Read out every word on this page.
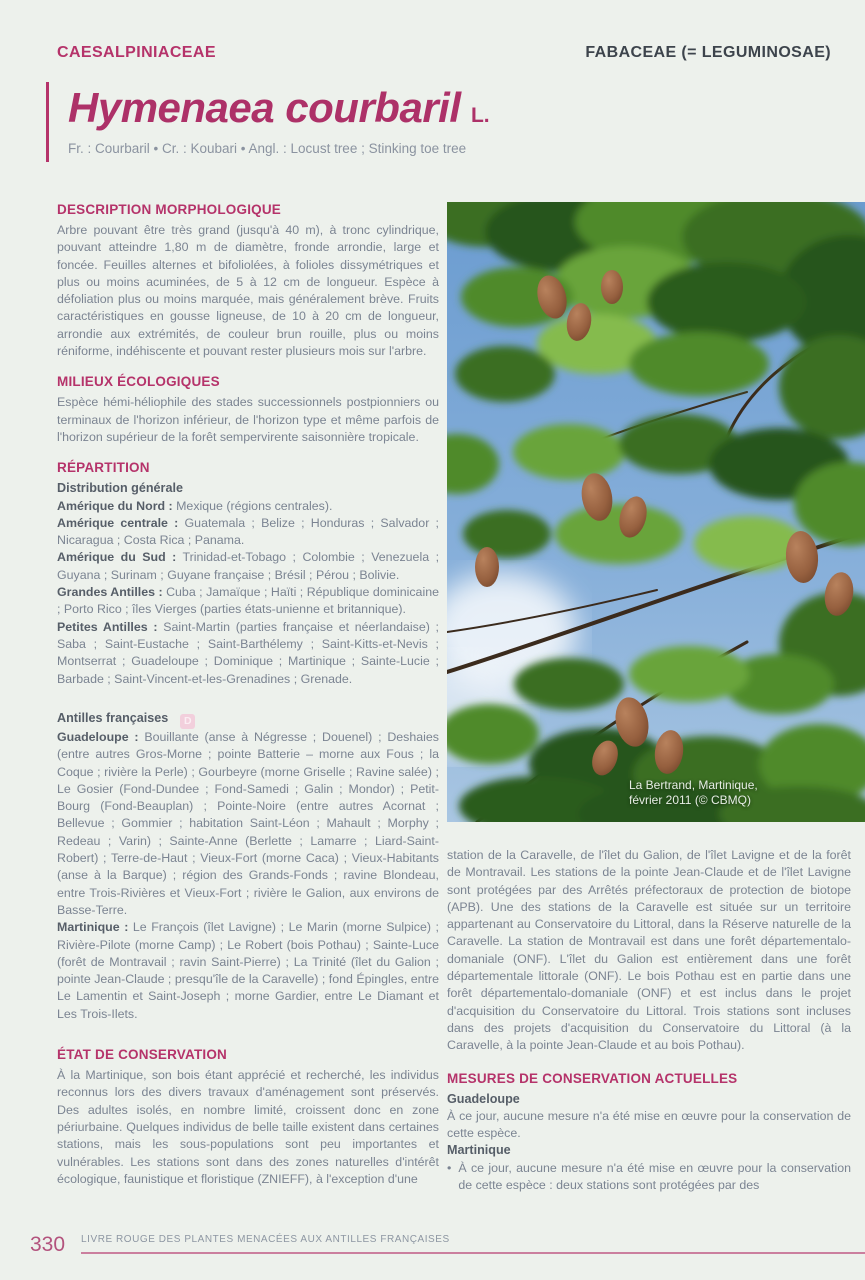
CAESALPINIACEAE	FABACEAE (= LEGUMINOSAE)
Hymenaea courbaril L.
Fr. : Courbaril • Cr. : Koubari • Angl. : Locust tree ; Stinking toe tree
DESCRIPTION MORPHOLOGIQUE

Arbre pouvant être très grand (jusqu'à 40 m), à tronc cylindrique, pouvant atteindre 1,80 m de diamètre, fronde arrondie, large et foncée. Feuilles alternes et bifoliolées, à folioles dissymétriques et plus ou moins acuminées, de 5 à 12 cm de longueur. Espèce à défoliation plus ou moins marquée, mais généralement brève. Fruits caractéristiques en gousse ligneuse, de 10 à 20 cm de longueur, arrondie aux extrémités, de couleur brun rouille, plus ou moins réniforme, indéhiscente et pouvant rester plusieurs mois sur l'arbre.

MILIEUX ÉCOLOGIQUES

Espèce hémi-héliophile des stades successionnels postpionniers ou terminaux de l'horizon inférieur, de l'horizon type et même parfois de l'horizon supérieur de la forêt sempervirente saisonnière tropicale.

RÉPARTITION

Distribution générale

Amérique du Nord : Mexique (régions centrales).

Amérique centrale : Guatemala ; Belize ; Honduras ; Salvador ; Nicaragua ; Costa Rica ; Panama.

Amérique du Sud : Trinidad-et-Tobago ; Colombie ; Venezuela ; Guyana ; Surinam ; Guyane française ; Brésil ; Pérou ; Bolivie.

Grandes Antilles : Cuba ; Jamaïque ; Haïti ; République dominicaine ; Porto Rico ; îles Vierges (parties états-unienne et britannique).

Petites Antilles : Saint-Martin (parties française et néerlandaise) ; Saba ; Saint-Eustache ; Saint-Barthélemy ; Saint-Kitts-et-Nevis ; Montserrat ; Guadeloupe ; Dominique ; Martinique ; Sainte-Lucie ; Barbade ; Saint-Vincent-et-les-Grenadines ; Grenade.

Antilles françaises D

Guadeloupe : Bouillante (anse à Négresse ; Douenel) ; Deshaies (entre autres Gros-Morne ; pointe Batterie – morne aux Fous ; la Coque ; rivière la Perle) ; Gourbeyre (morne Griselle ; Ravine salée) ; Le Gosier (Fond-Dundee ; Fond-Samedi ; Galin ; Mondor) ; Petit-Bourg (Fond-Beauplan) ; Pointe-Noire (entre autres Acornat ; Bellevue ; Gommier ; habitation Saint-Léon ; Mahault ; Morphy ; Redeau ; Varin) ; Sainte-Anne (Berlette ; Lamarre ; Liard-Saint-Robert) ; Terre-de-Haut ; Vieux-Fort (morne Caca) ; Vieux-Habitants (anse à la Barque) ; région des Grands-Fonds ; ravine Blondeau, entre Trois-Rivières et Vieux-Fort ; rivière le Galion, aux environs de Basse-Terre.

Martinique : Le François (îlet Lavigne) ; Le Marin (morne Sulpice) ; Rivière-Pilote (morne Camp) ; Le Robert (bois Pothau) ; Sainte-Luce (forêt de Montravail ; ravin Saint-Pierre) ; La Trinité (îlet du Galion ; pointe Jean-Claude ; presqu'île de la Caravelle) ; fond Épingles, entre Le Lamentin et Saint-Joseph ; morne Gardier, entre Le Diamant et Les Trois-Ilets.

ÉTAT DE CONSERVATION

À la Martinique, son bois étant apprécié et recherché, les individus reconnus lors des divers travaux d'aménagement sont préservés. Des adultes isolés, en nombre limité, croissent donc en zone périurbaine. Quelques individus de belle taille existent dans certaines stations, mais les sous-populations sont peu importantes et vulnérables. Les stations sont dans des zones naturelles d'intérêt écologique, faunistique et floristique (ZNIEFF), à l'exception d'une

La Bertrand, Martinique,
février 2011 (© CBMQ)

station de la Caravelle, de l'îlet du Galion, de l'îlet Lavigne et de la forêt de Montravail. Les stations de la pointe Jean-Claude et de l'îlet Lavigne sont protégées par des Arrêtés préfectoraux de protection de biotope (APB). Une des stations de la Caravelle est située sur un territoire appartenant au Conservatoire du Littoral, dans la Réserve naturelle de la Caravelle. La station de Montravail est dans une forêt départementalo-domaniale (ONF). L'îlet du Galion est entièrement dans une forêt départementale littorale (ONF). Le bois Pothau est en partie dans une forêt départementalo-domaniale (ONF) et est inclus dans le projet d'acquisition du Conservatoire du Littoral. Trois stations sont incluses dans des projets d'acquisition du Conservatoire du Littoral (à la Caravelle, à la pointe Jean-Claude et au bois Pothau).

MESURES DE CONSERVATION ACTUELLES

Guadeloupe

À ce jour, aucune mesure n'a été mise en œuvre pour la conservation de cette espèce.

Martinique

• À ce jour, aucune mesure n'a été mise en œuvre pour la conservation de cette espèce : deux stations sont protégées par des

330 LIVRE ROUGE DES PLANTES MENACÉES AUX ANTILLES FRANÇAISES
